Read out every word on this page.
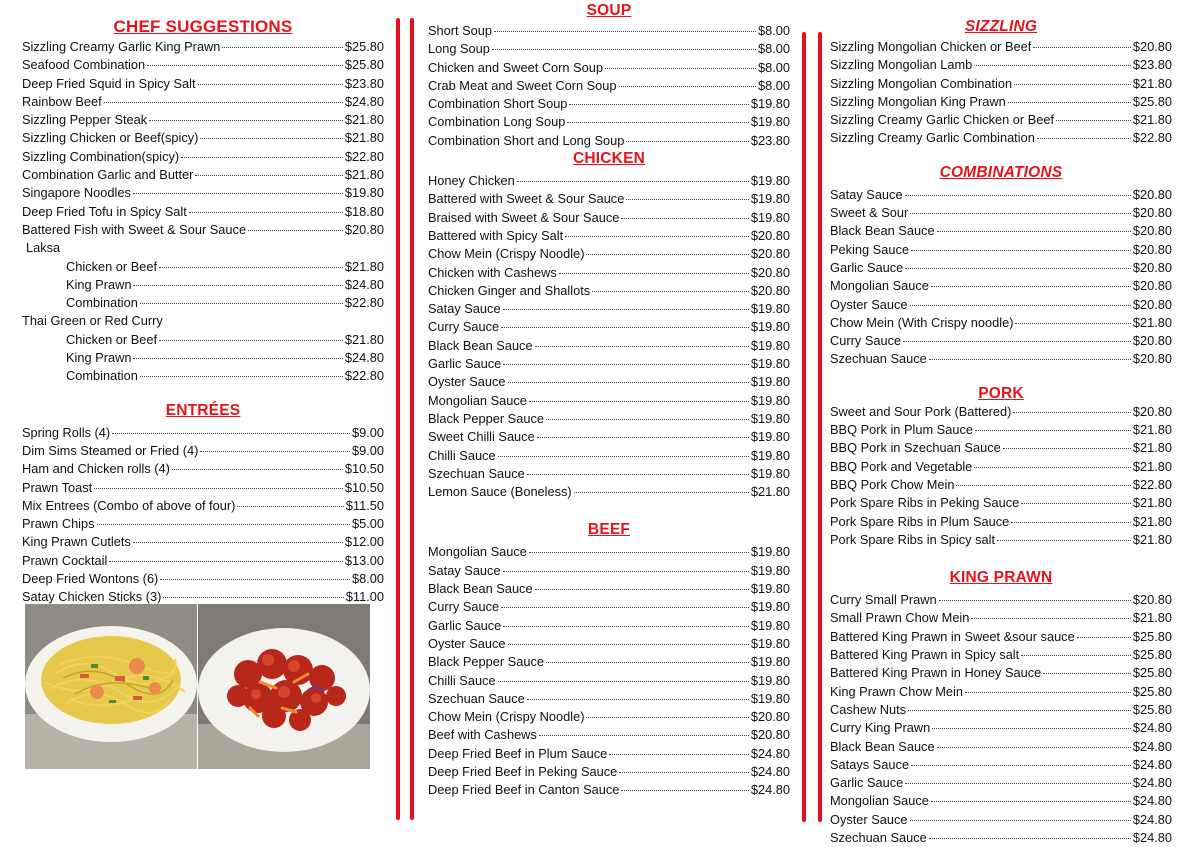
CHEF SUGGESTIONS
Sizzling Creamy Garlic King Prawn	$25.80
Seafood Combination	$25.80
Deep Fried Squid in Spicy Salt	$23.80
Rainbow Beef	$24.80
Sizzling Pepper Steak	$21.80
Sizzling Chicken or Beef(spicy)	$21.80
Sizzling Combination(spicy)	$22.80
Combination Garlic and Butter	$21.80
Singapore Noodles	$19.80
Deep Fried Tofu in Spicy Salt	$18.80
Battered Fish with Sweet & Sour Sauce	$20.80
Laksa
Chicken or Beef	$21.80
King Prawn	$24.80
Combination	$22.80
Thai Green or Red Curry
Chicken or Beef	$21.80
King Prawn	$24.80
Combination	$22.80
ENTRÉES
Spring Rolls (4)	$9.00
Dim Sims Steamed or Fried (4)	$9.00
Ham and Chicken rolls (4)	$10.50
Prawn Toast	$10.50
Mix Entrees (Combo of above of four)	$11.50
Prawn Chips	$5.00
King Prawn Cutlets	$12.00
Prawn Cocktail	$13.00
Deep Fried Wontons (6)	$8.00
Satay Chicken Sticks (3)	$11.00
SOUP
Short Soup	$8.00
Long Soup	$8.00
Chicken and Sweet Corn Soup	$8.00
Crab Meat and Sweet Corn Soup	$8.00
Combination Short Soup	$19.80
Combination Long Soup	$19.80
Combination Short and Long Soup	$23.80
CHICKEN
Honey Chicken	$19.80
Battered with Sweet & Sour Sauce	$19.80
Braised with Sweet & Sour Sauce	$19.80
Battered with Spicy Salt	$20.80
Chow Mein (Crispy Noodle)	$20.80
Chicken with Cashews	$20.80
Chicken Ginger and Shallots	$20.80
Satay Sauce	$19.80
Curry Sauce	$19.80
Black Bean Sauce	$19.80
Garlic Sauce	$19.80
Oyster Sauce	$19.80
Mongolian Sauce	$19.80
Black Pepper Sauce	$19.80
Sweet Chilli Sauce	$19.80
Chilli Sauce	$19.80
Szechuan Sauce	$19.80
Lemon Sauce (Boneless)	$21.80
BEEF
Mongolian Sauce	$19.80
Satay Sauce	$19.80
Black Bean Sauce	$19.80
Curry Sauce	$19.80
Garlic Sauce	$19.80
Oyster Sauce	$19.80
Black Pepper Sauce	$19.80
Chilli Sauce	$19.80
Szechuan Sauce	$19.80
Chow Mein (Crispy Noodle)	$20.80
Beef with Cashews	$20.80
Deep Fried Beef in Plum Sauce	$24.80
Deep Fried Beef in Peking Sauce	$24.80
Deep Fried Beef in Canton Sauce	$24.80
SIZZLING
Sizzling Mongolian Chicken or Beef	$20.80
Sizzling Mongolian Lamb	$23.80
Sizzling Mongolian Combination	$21.80
Sizzling Mongolian King Prawn	$25.80
Sizzling Creamy Garlic Chicken or Beef	$21.80
Sizzling Creamy Garlic Combination	$22.80
COMBINATIONS
Satay Sauce	$20.80
Sweet & Sour	$20.80
Black Bean Sauce	$20.80
Peking Sauce	$20.80
Garlic Sauce	$20.80
Mongolian Sauce	$20.80
Oyster Sauce	$20.80
Chow Mein (With Crispy noodle)	$21.80
Curry Sauce	$20.80
Szechuan Sauce	$20.80
PORK
Sweet and Sour Pork (Battered)	$20.80
BBQ Pork in Plum Sauce	$21.80
BBQ Pork in Szechuan Sauce	$21.80
BBQ Pork and Vegetable	$21.80
BBQ Pork Chow Mein	$22.80
Pork Spare Ribs in Peking Sauce	$21.80
Pork Spare Ribs in Plum Sauce	$21.80
Pork Spare Ribs in Spicy salt	$21.80
KING PRAWN
Curry Small Prawn	$20.80
Small Prawn Chow Mein	$21.80
Battered King Prawn in Sweet &sour sauce	$25.80
Battered King Prawn in Spicy salt	$25.80
Battered King Prawn in Honey Sauce	$25.80
King Prawn Chow Mein	$25.80
Cashew Nuts	$25.80
Curry King Prawn	$24.80
Black Bean Sauce	$24.80
Satays Sauce	$24.80
Garlic Sauce	$24.80
Mongolian Sauce	$24.80
Oyster Sauce	$24.80
Szechuan Sauce	$24.80
